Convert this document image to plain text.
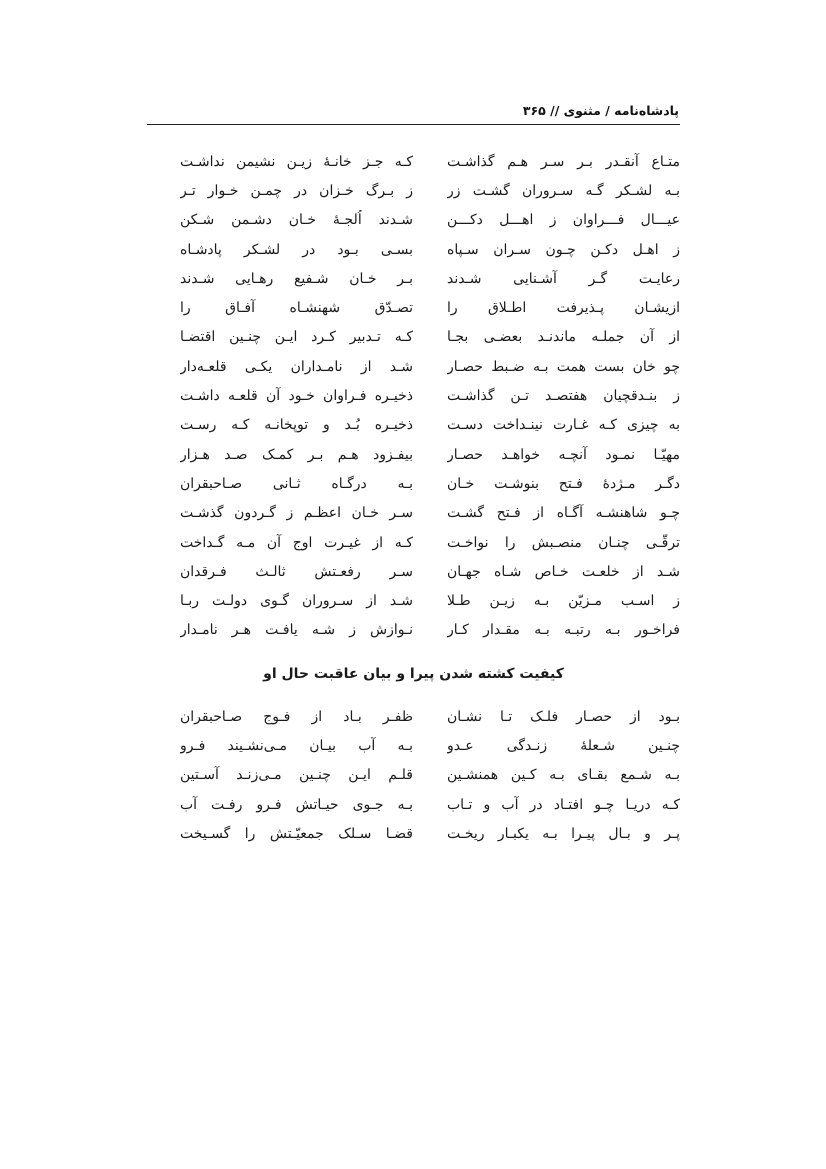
پادشاه‌نامه / مثنوی // ۳۶۵
متـاع آنقـدر بـر سـر هـم گذاشـت
کـه جـز خانـهٔ زیـن نشیمن نداشـت
بـه لشـکر گـه سـروران گشـت زر
ز بـرگ خـزان در چمـن خـوار تـر
عیـــال فـــراوان ز اهـــل دکـــن
شـدند اُلجـهٔ خـان دشـمن شـکن
ز اهـل دکـن چـون سـران سـپاه
بسـی بـود در لشـکر پادشـاه
رعایـت گـر آشـنایی شـدند
بـر خـان شـفیع رهـایی شـدند
ازیشـان پـذیرفت اطـلاق را
تصـدّق شهنشـاه آفـاق را
از آن جملـه ماندنـد بعضـی بجـا
کـه تـدبیر کـرد ایـن چنـین اقتضـا
چو خان بست همت بـه ضـبط حصـار
شـد از نامـداران یکـی قلعـه‌دار
ز بنـدقچیان هفتصـد تـن گذاشـت
ذخیـره فـراوان خـود آن قلعـه داشـت
به چیزی کـه غـارت نینـداخت دسـت
ذخیـره بُـد و توپخانـه کـه رسـت
مهیّـا نمـود آنچـه خواهـد حصـار
بیفـزود هـم بـر کمـک صـد هـزار
دگـر مـژدهٔ فـتح بنوشـت خـان
بـه درگـاه ثـانی صـاحبقران
چـو شاهنشـه آگـاه از فـتح گشـت
سـر خـان اعظـم ز گـردون گذشـت
ترقّـی چنـان منصـبش را نواخـت
کـه از غیـرت اوج آن مـه گـداخت
شـد از خلعـت خـاص شـاه جهـان
سـر رفعـتش ثالـث فـرقدان
ز اسـب مـزیّن بـه زیـن طـلا
شـد از سـروران گـوی دولـت ربـا
فراخـور بـه رتبـه بـه مقـدار کـار
نـوازش ز شـه یافـت هـر نامـدار
کیفیت کشته شدن پیرا و بیان عاقبت حال او
بـود از حصـار فلـک تـا نشـان
ظفـر بـاد از فـوج صـاحبقران
چنـین شـعلهٔ زنـدگی عـدو
بـه آب بیـان مـی‌نشـیند فـرو
بـه شـمع بقـای بـه کـین همنشـین
قلـم ایـن چنـین مـی‌زنـد آسـتین
کـه دریـا چـو افتـاد در آب و تـاب
بـه جـوی حیـاتش فـرو رفـت آب
پـر و بـال پیـرا بـه یکبـار ریخـت
قضـا سـلک جمعیّـتش را گسـیخت
